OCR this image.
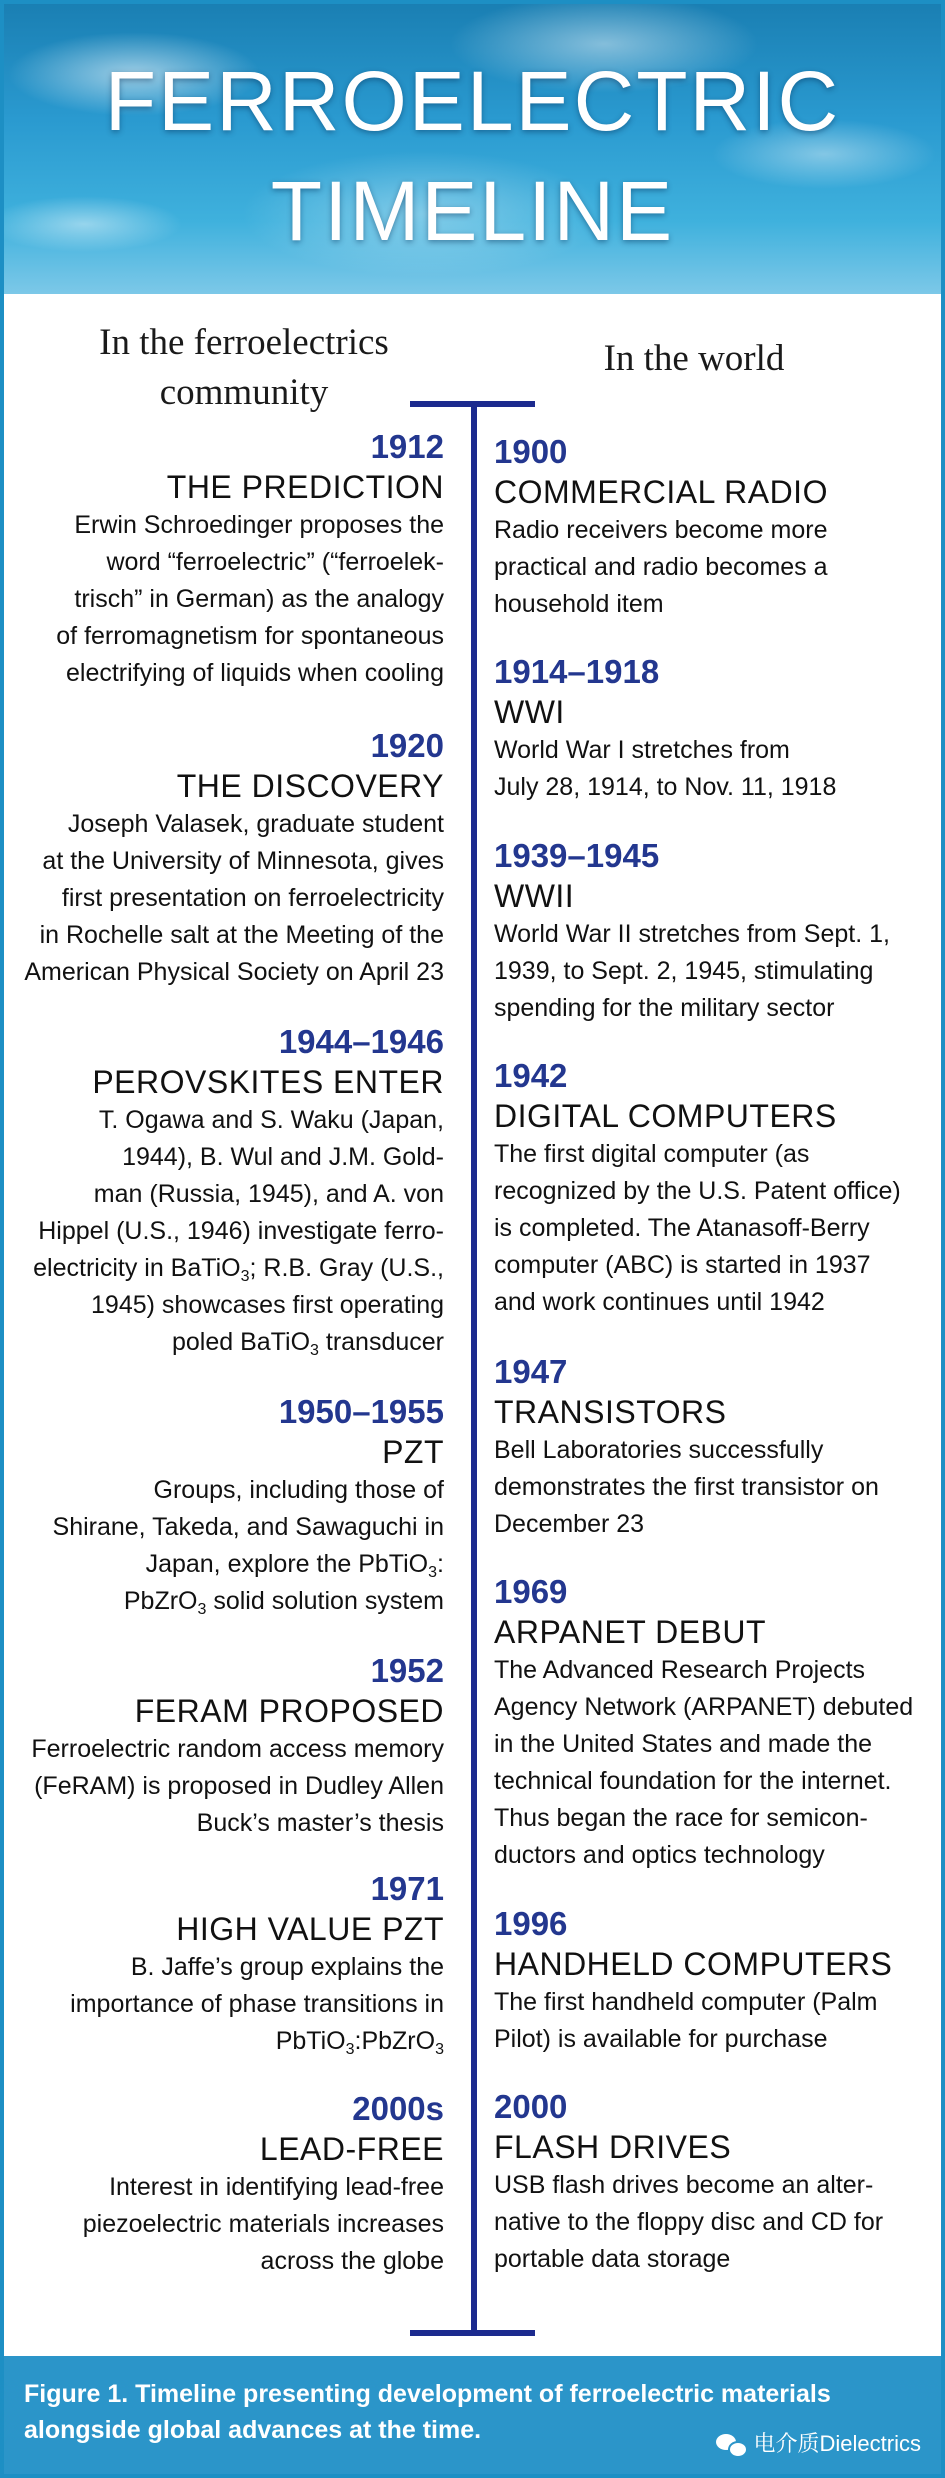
FERROELECTRIC
TIMELINE
In the ferroelectrics
community
In the world
1912
THE PREDICTION
Erwin Schroedinger proposes the
word “ferroelectric” (“ferroelek-
trisch” in German) as the analogy
of ferromagnetism for spontaneous
electrifying of liquids when cooling
1920
THE DISCOVERY
Joseph Valasek, graduate student
at the University of Minnesota, gives
first presentation on ferroelectricity
in Rochelle salt at the Meeting of the
American Physical Society on April 23
1944–1946
PEROVSKITES ENTER
T. Ogawa and S. Waku (Japan,
1944), B. Wul and J.M. Gold-
man (Russia, 1945), and A. von
Hippel (U.S., 1946) investigate ferro-
electricity in BaTiO$_3$; R.B. Gray (U.S.,
1945) showcases first operating
poled BaTiO$_3$ transducer
1950–1955
PZT
Groups, including those of
Shirane, Takeda, and Sawaguchi in
Japan, explore the PbTiO$_3$:
PbZrO$_3$ solid solution system
1952
FERAM PROPOSED
Ferroelectric random access memory
(FeRAM) is proposed in Dudley Allen
Buck’s master’s thesis
1971
HIGH VALUE PZT
B. Jaffe’s group explains the
importance of phase transitions in
PbTiO$_3$:PbZrO$_3$
2000s
LEAD-FREE
Interest in identifying lead-free
piezoelectric materials increases
across the globe
1900
COMMERCIAL RADIO
Radio receivers become more
practical and radio becomes a
household item
1914–1918
WWI
World War I stretches from
July 28, 1914, to Nov. 11, 1918
1939–1945
WWII
World War II stretches from Sept. 1,
1939, to Sept. 2, 1945, stimulating
spending for the military sector
1942
DIGITAL COMPUTERS
The first digital computer (as
recognized by the U.S. Patent office)
is completed. The Atanasoff-Berry
computer (ABC) is started in 1937
and work continues until 1942
1947
TRANSISTORS
Bell Laboratories successfully
demonstrates the first transistor on
December 23
1969
ARPANET DEBUT
The Advanced Research Projects
Agency Network (ARPANET) debuted
in the United States and made the
technical foundation for the internet.
Thus began the race for semicon-
ductors and optics technology
1996
HANDHELD COMPUTERS
The first handheld computer (Palm
Pilot) is available for purchase
2000
FLASH DRIVES
USB flash drives become an alter-
native to the floppy disc and CD for
portable data storage
Figure 1. Timeline presenting development of ferroelectric materials
alongside global advances at the time.	电介质Dielectrics
